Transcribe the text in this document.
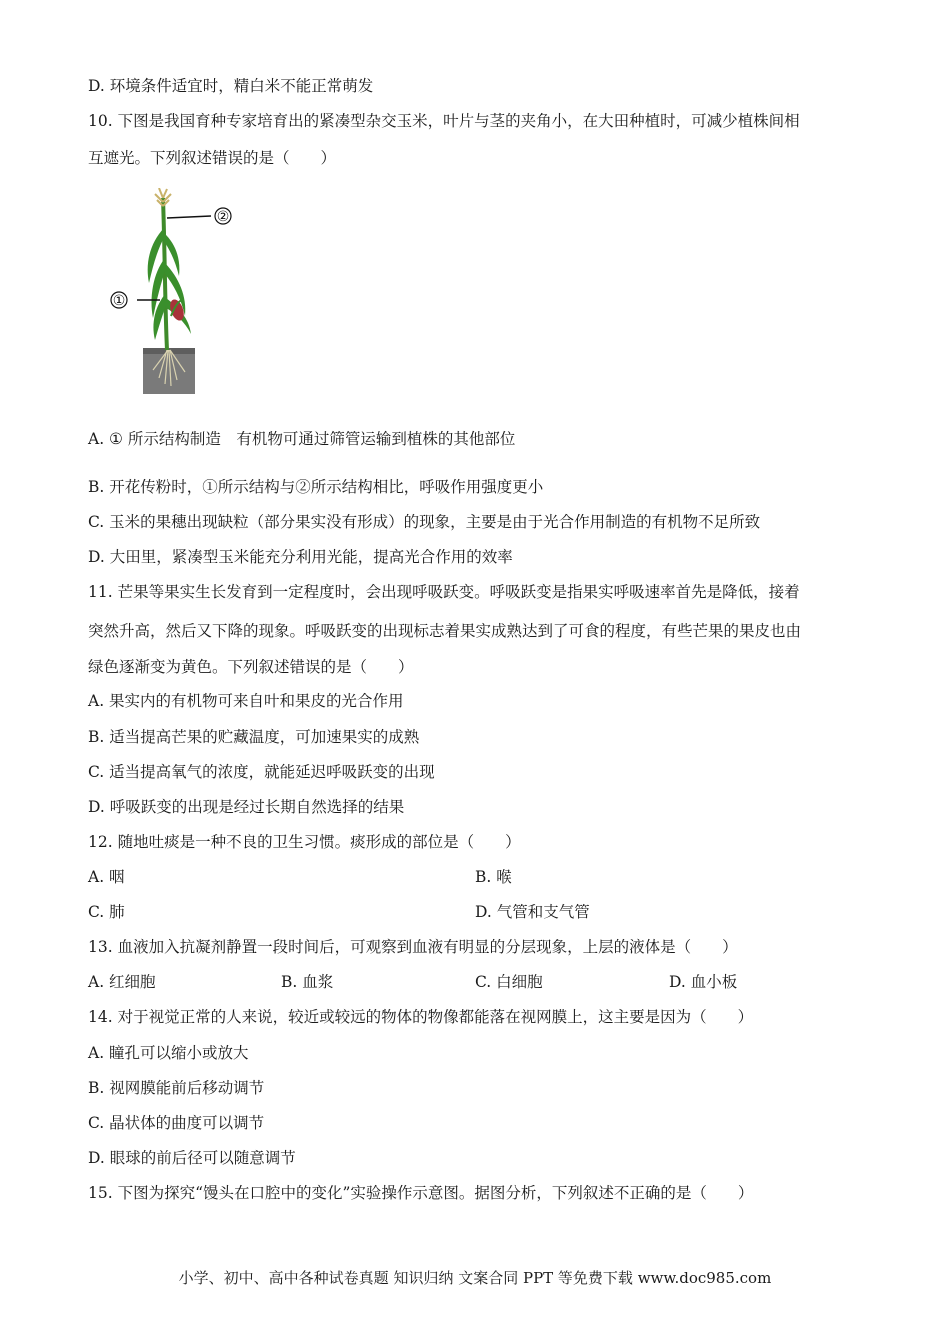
D. 环境条件适宜时，精白米不能正常萌发
10. 下图是我国育种专家培育出的紧凑型杂交玉米，叶片与茎的夹角小，在大田种植时，可减少植株间相
互遮光。下列叙述错误的是（　　）
②
①
A. ① 所示结构制造　有机物可通过筛管运输到植株的其他部位
B. 开花传粉时，①所示结构与②所示结构相比，呼吸作用强度更小
C. 玉米的果穗出现缺粒（部分果实没有形成）的现象，主要是由于光合作用制造的有机物不足所致
D. 大田里，紧凑型玉米能充分利用光能，提高光合作用的效率
11. 芒果等果实生长发育到一定程度时，会出现呼吸跃变。呼吸跃变是指果实呼吸速率首先是降低，接着
突然升高，然后又下降的现象。呼吸跃变的出现标志着果实成熟达到了可食的程度，有些芒果的果皮也由
绿色逐渐变为黄色。下列叙述错误的是（　　）
A. 果实内的有机物可来自叶和果皮的光合作用
B. 适当提高芒果的贮藏温度，可加速果实的成熟
C. 适当提高氧气的浓度，就能延迟呼吸跃变的出现
D. 呼吸跃变的出现是经过长期自然选择的结果
12. 随地吐痰是一种不良的卫生习惯。痰形成的部位是（　　）
A. 咽	B. 喉
C. 肺	D. 气管和支气管
13. 血液加入抗凝剂静置一段时间后，可观察到血液有明显的分层现象，上层的液体是（　　）
A. 红细胞	B. 血浆	C. 白细胞	D. 血小板
14. 对于视觉正常的人来说，较近或较远的物体的物像都能落在视网膜上，这主要是因为（　　）
A. 瞳孔可以缩小或放大
B. 视网膜能前后移动调节
C. 晶状体的曲度可以调节
D. 眼球的前后径可以随意调节
15. 下图为探究“馒头在口腔中的变化”实验操作示意图。据图分析，下列叙述不正确的是（　　）
小学、初中、高中各种试卷真题 知识归纳 文案合同 PPT 等免费下载 www.doc985.com
